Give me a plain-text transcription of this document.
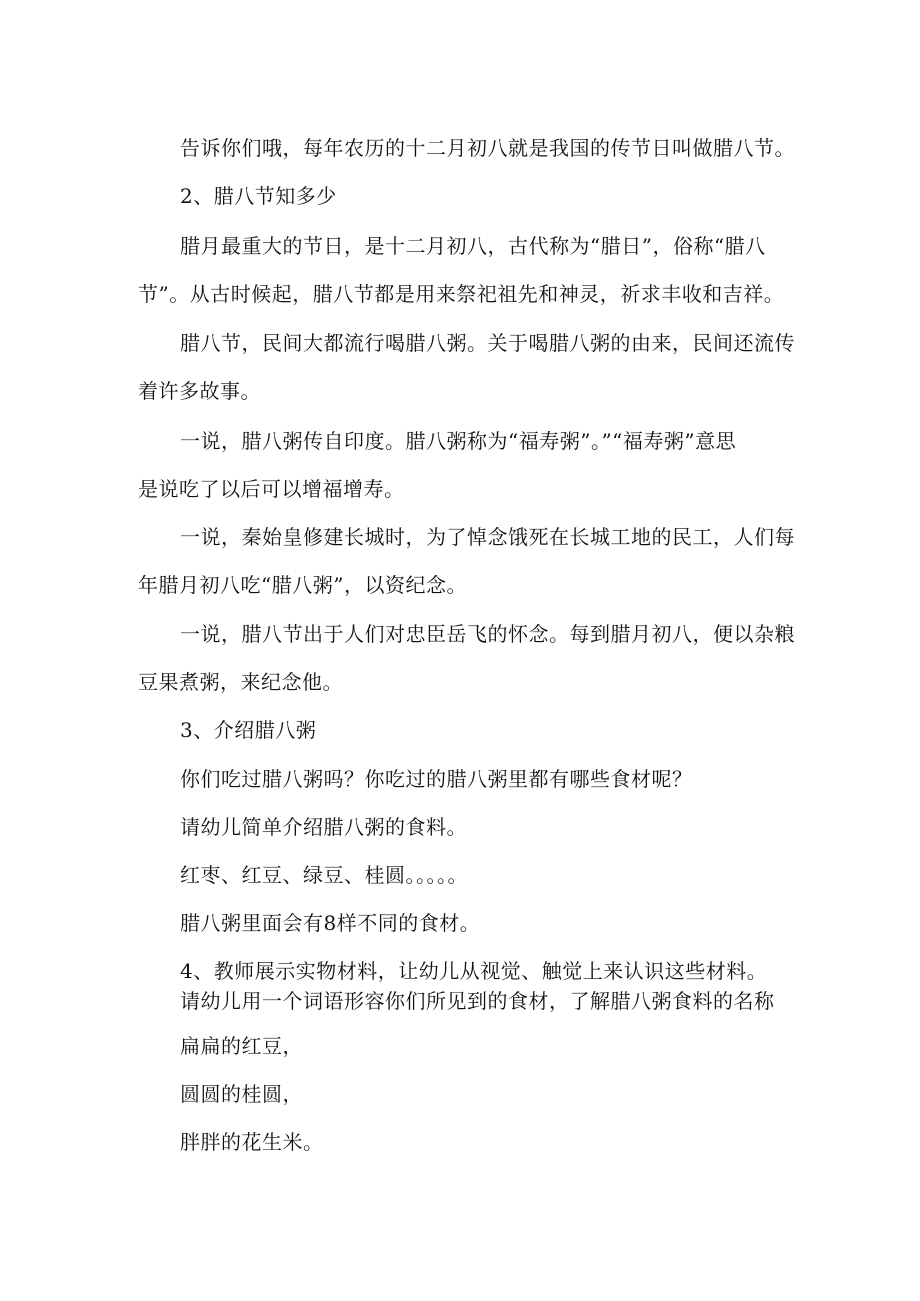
告诉你们哦，每年农历的十二月初八就是我国的传节日叫做腊八节。
2、腊八节知多少
腊月最重大的节日，是十二月初八，古代称为“腊日”，俗称“腊八
节”。从古时候起，腊八节都是用来祭祀祖先和神灵，祈求丰收和吉祥。
腊八节，民间大都流行喝腊八粥。关于喝腊八粥的由来，民间还流传
着许多故事。
一说，腊八粥传自印度。腊八粥称为“福寿粥”。”“福寿粥”意思
是说吃了以后可以增福增寿。
一说，秦始皇修建长城时，为了悼念饿死在长城工地的民工，人们每
年腊月初八吃“腊八粥”，以资纪念。
一说，腊八节出于人们对忠臣岳飞的怀念。每到腊月初八，便以杂粮
豆果煮粥，来纪念他。
3、介绍腊八粥
你们吃过腊八粥吗？你吃过的腊八粥里都有哪些食材呢？
请幼儿简单介绍腊八粥的食料。
红枣、红豆、绿豆、桂圆。。。。。
腊八粥里面会有8样不同的食材。
4、教师展示实物材料，让幼儿从视觉、触觉上来认识这些材料。
请幼儿用一个词语形容你们所见到的食材，了解腊八粥食料的名称
扁扁的红豆，
圆圆的桂圆，
胖胖的花生米。
